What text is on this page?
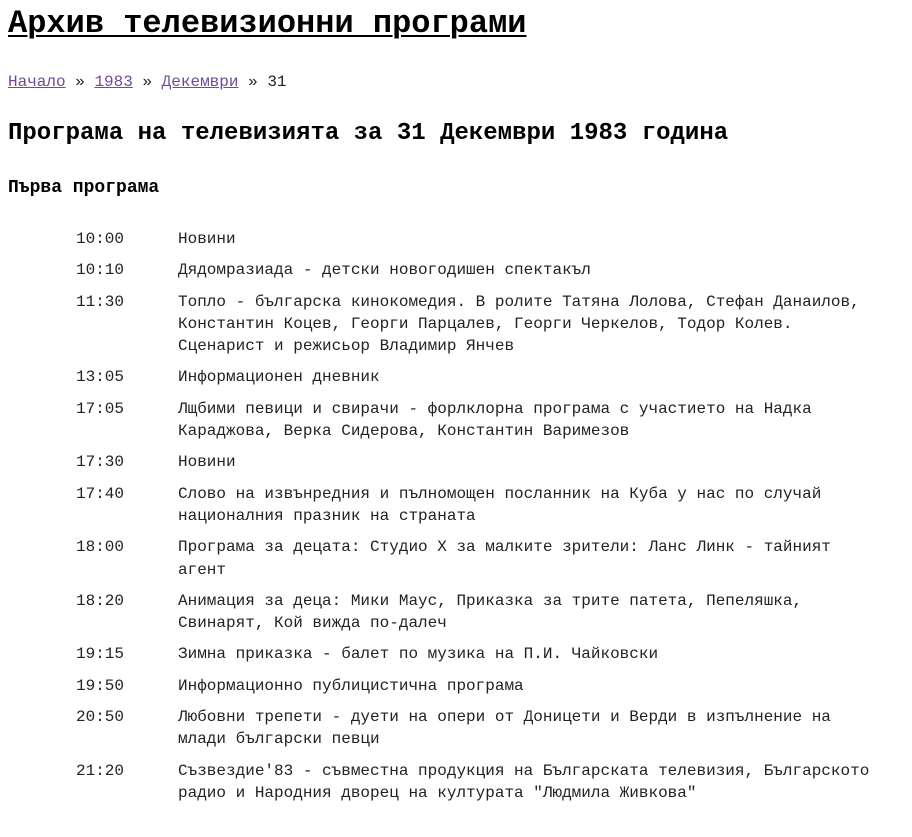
Архив телевизионни програми
Начало » 1983 » Декември » 31
Програма на телевизията за 31 Декември 1983 година
Първа програма
10:00	Новини
10:10	Дядомразиада - детски новогодишен спектакъл
11:30	Топло - българска кинокомедия. В ролите Татяна Лолова, Стефан Данаилов, Константин Коцев, Георги Парцалев, Георги Черкелов, Тодор Колев. Сценарист и режисьор Владимир Янчев
13:05	Информационен дневник
17:05	Лщбими певици и свирачи - форлклорна програма с участието на Надка Караджова, Верка Сидерова, Константин Варимезов
17:30	Новини
17:40	Слово на извънредния и пълномощен посланник на Куба у нас по случай националния празник на страната
18:00	Програма за децата: Студио Х за малките зрители: Ланс Линк - тайният агент
18:20	Анимация за деца: Мики Маус, Приказка за трите патета, Пепеляшка, Свинарят, Кой вижда по-далеч
19:15	Зимна приказка - балет по музика на П.И. Чайковски
19:50	Информационно публицистична програма
20:50	Любовни трепети - дуети на опери от Доницети и Верди в изпълнение на млади български певци
21:20	Съзвездие'83 - съвместна продукция на Българската телевизия, Българското радио и Народния дворец на културата "Людмила Живкова"
